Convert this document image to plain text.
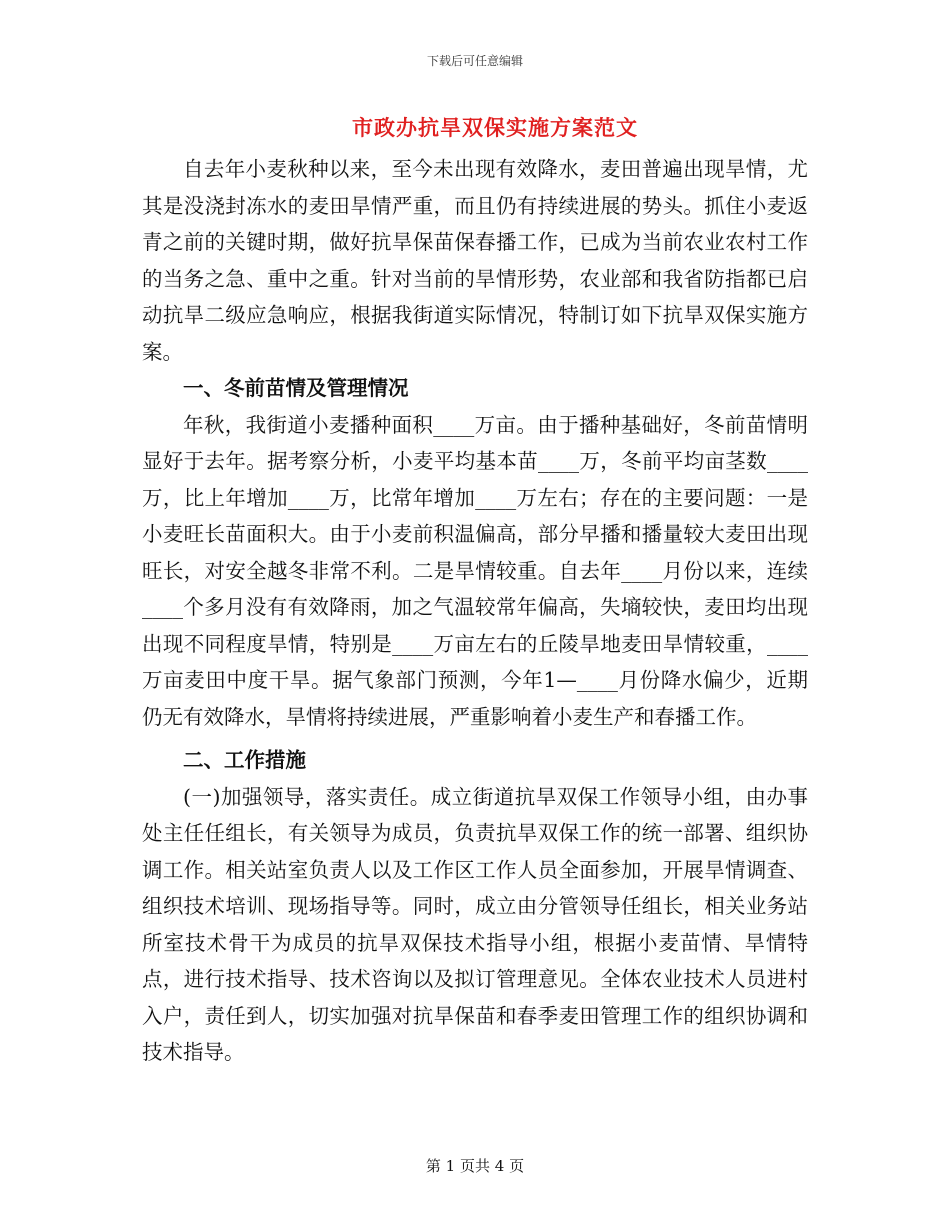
下载后可任意编辑
市政办抗旱双保实施方案范文

自去年小麦秋种以来，至今未出现有效降水，麦田普遍出现旱情，尤其是没浇封冻水的麦田旱情严重，而且仍有持续进展的势头。抓住小麦返青之前的关键时期，做好抗旱保苗保春播工作，已成为当前农业农村工作的当务之急、重中之重。针对当前的旱情形势，农业部和我省防指都已启动抗旱二级应急响应，根据我街道实际情况，特制订如下抗旱双保实施方案。

一、冬前苗情及管理情况

年秋，我街道小麦播种面积____万亩。由于播种基础好，冬前苗情明显好于去年。据考察分析，小麦平均基本苗____万，冬前平均亩茎数____万，比上年增加____万，比常年增加____万左右；存在的主要问题：一是小麦旺长苗面积大。由于小麦前积温偏高，部分早播和播量较大麦田出现旺长，对安全越冬非常不利。二是旱情较重。自去年____月份以来，连续____个多月没有有效降雨，加之气温较常年偏高，失墒较快，麦田均出现出现不同程度旱情，特别是____万亩左右的丘陵旱地麦田旱情较重，____万亩麦田中度干旱。据气象部门预测，今年1—____月份降水偏少，近期仍无有效降水，旱情将持续进展，严重影响着小麦生产和春播工作。

二、工作措施

(一)加强领导，落实责任。成立街道抗旱双保工作领导小组，由办事处主任任组长，有关领导为成员，负责抗旱双保工作的统一部署、组织协调工作。相关站室负责人以及工作区工作人员全面参加，开展旱情调查、组织技术培训、现场指导等。同时，成立由分管领导任组长，相关业务站所室技术骨干为成员的抗旱双保技术指导小组，根据小麦苗情、旱情特点，进行技术指导、技术咨询以及拟订管理意见。全体农业技术人员进村入户，责任到人，切实加强对抗旱保苗和春季麦田管理工作的组织协调和技术指导。

第 1 页共 4 页
